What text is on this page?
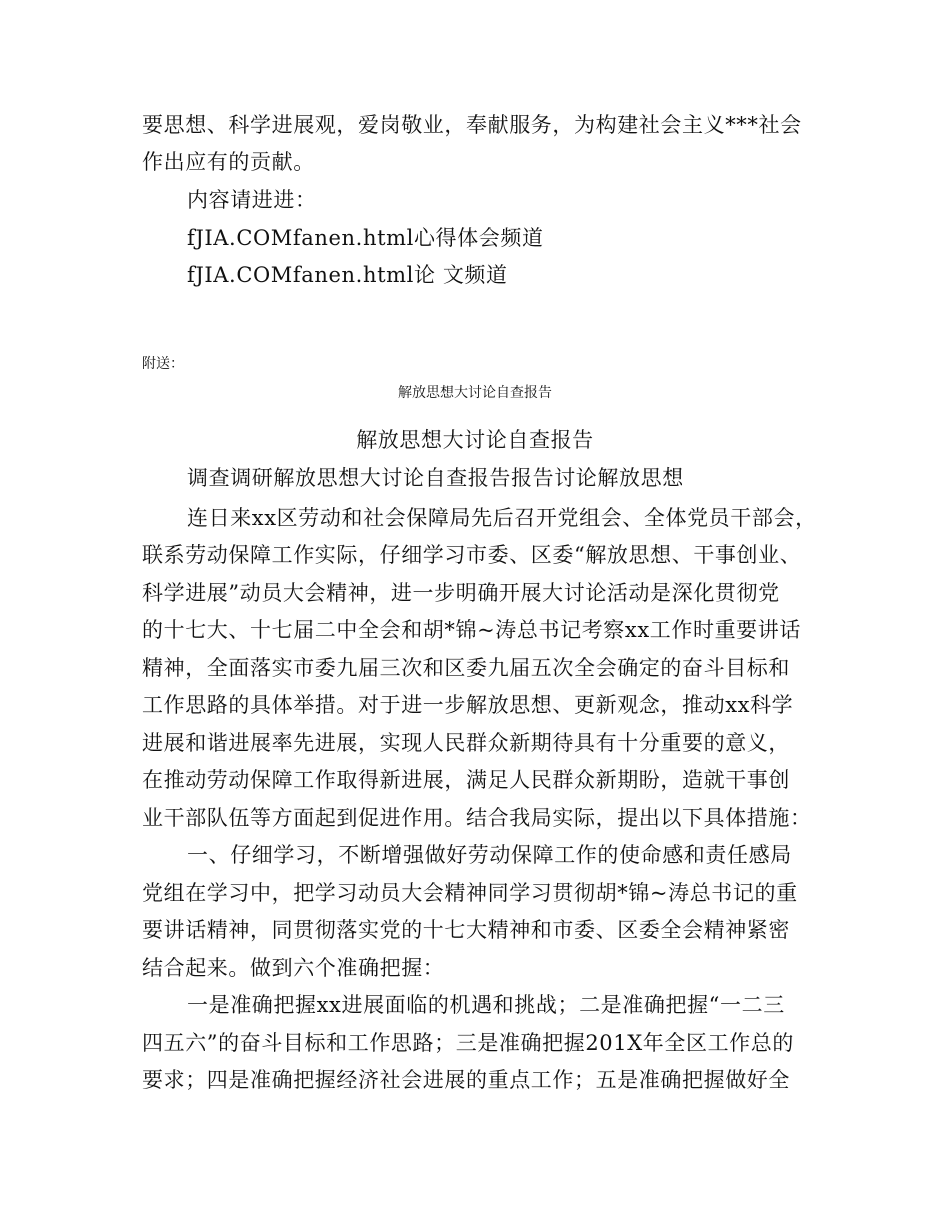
要思想、科学进展观，爱岗敬业，奉献服务，为构建社会主义***社会
作出应有的贡献。
内容请进进：
fJIA.COMfanen.html心得体会频道
fJIA.COMfanen.html论 文频道
附送：
解放思想大讨论自查报告
解放思想大讨论自查报告
调查调研解放思想大讨论自查报告报告讨论解放思想
连日来xx区劳动和社会保障局先后召开党组会、全体党员干部会，
联系劳动保障工作实际，仔细学习市委、区委“解放思想、干事创业、
科学进展”动员大会精神，进一步明确开展大讨论活动是深化贯彻党
的十七大、十七届二中全会和胡*锦~涛总书记考察xx工作时重要讲话
精神，全面落实市委九届三次和区委九届五次全会确定的奋斗目标和
工作思路的具体举措。对于进一步解放思想、更新观念，推动xx科学
进展和谐进展率先进展，实现人民群众新期待具有十分重要的意义，
在推动劳动保障工作取得新进展，满足人民群众新期盼，造就干事创
业干部队伍等方面起到促进作用。结合我局实际，提出以下具体措施：
一、仔细学习，不断增强做好劳动保障工作的使命感和责任感局
党组在学习中，把学习动员大会精神同学习贯彻胡*锦~涛总书记的重
要讲话精神，同贯彻落实党的十七大精神和市委、区委全会精神紧密
结合起来。做到六个准确把握：
一是准确把握xx进展面临的机遇和挑战；二是准确把握“一二三
四五六”的奋斗目标和工作思路；三是准确把握201X年全区工作总的
要求；四是准确把握经济社会进展的重点工作；五是准确把握做好全
